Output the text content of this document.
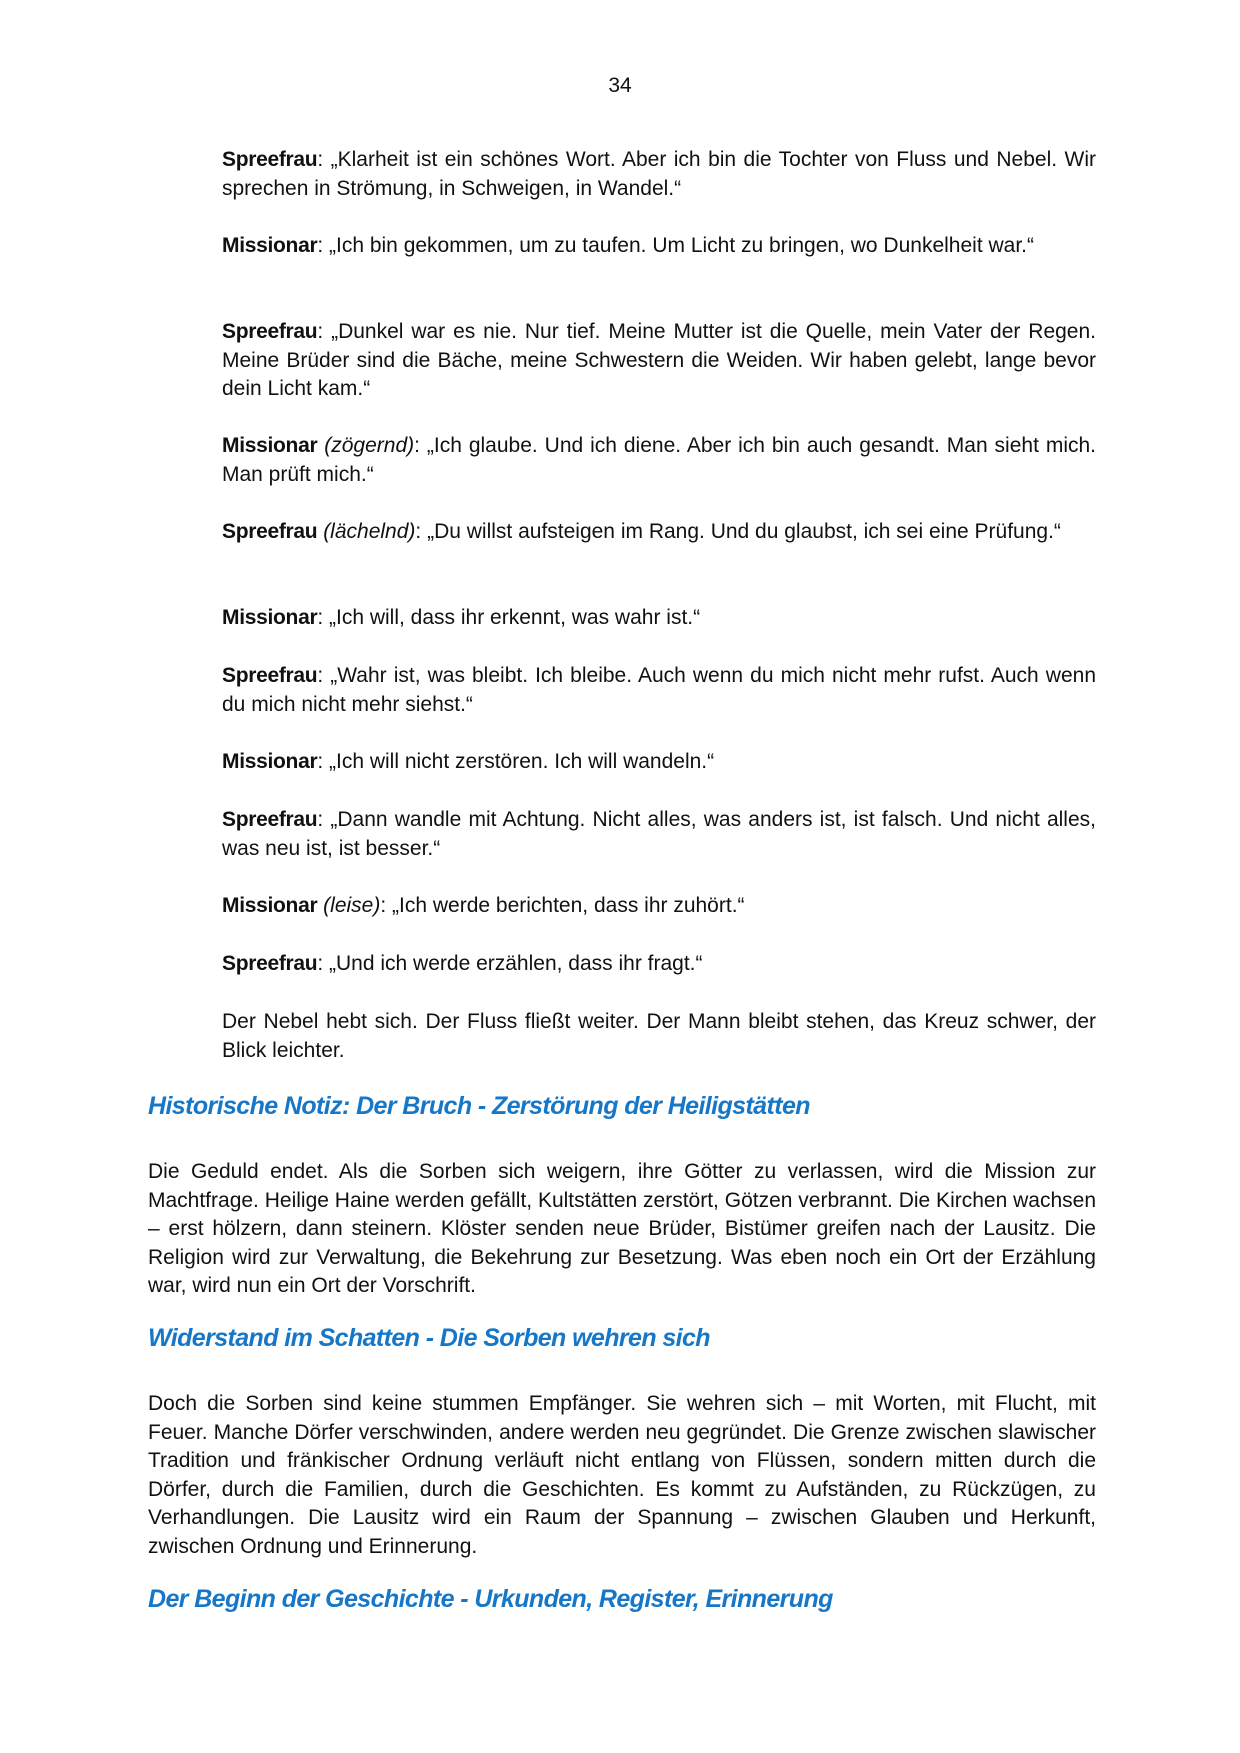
34

Spreefrau: „Klarheit ist ein schönes Wort. Aber ich bin die Tochter von Fluss und Nebel. Wir sprechen in Strömung, in Schweigen, in Wandel.“

Missionar: „Ich bin gekommen, um zu taufen. Um Licht zu bringen, wo Dunkelheit war.“

Spreefrau: „Dunkel war es nie. Nur tief. Meine Mutter ist die Quelle, mein Vater der Regen. Meine Brüder sind die Bäche, meine Schwestern die Weiden. Wir haben gelebt, lange bevor dein Licht kam.“

Missionar (zögernd): „Ich glaube. Und ich diene. Aber ich bin auch gesandt. Man sieht mich. Man prüft mich.“

Spreefrau (lächelnd): „Du willst aufsteigen im Rang. Und du glaubst, ich sei eine Prüfung.“

Missionar: „Ich will, dass ihr erkennt, was wahr ist.“

Spreefrau: „Wahr ist, was bleibt. Ich bleibe. Auch wenn du mich nicht mehr rufst. Auch wenn du mich nicht mehr siehst.“

Missionar: „Ich will nicht zerstören. Ich will wandeln.“

Spreefrau: „Dann wandle mit Achtung. Nicht alles, was anders ist, ist falsch. Und nicht alles, was neu ist, ist besser.“

Missionar (leise): „Ich werde berichten, dass ihr zuhört.“

Spreefrau: „Und ich werde erzählen, dass ihr fragt.“

Der Nebel hebt sich. Der Fluss fließt weiter. Der Mann bleibt stehen, das Kreuz schwer, der Blick leichter.

Historische Notiz: Der Bruch - Zerstörung der Heiligstätten

Die Geduld endet. Als die Sorben sich weigern, ihre Götter zu verlassen, wird die Mission zur Machtfrage. Heilige Haine werden gefällt, Kultstätten zerstört, Götzen verbrannt. Die Kirchen wachsen – erst hölzern, dann steinern. Klöster senden neue Brüder, Bistümer greifen nach der Lausitz. Die Religion wird zur Verwaltung, die Bekehrung zur Besetzung. Was eben noch ein Ort der Erzählung war, wird nun ein Ort der Vorschrift.

Widerstand im Schatten - Die Sorben wehren sich

Doch die Sorben sind keine stummen Empfänger. Sie wehren sich – mit Worten, mit Flucht, mit Feuer. Manche Dörfer verschwinden, andere werden neu gegründet. Die Grenze zwischen slawischer Tradition und fränkischer Ordnung verläuft nicht entlang von Flüssen, sondern mitten durch die Dörfer, durch die Familien, durch die Geschichten. Es kommt zu Aufständen, zu Rückzügen, zu Verhandlungen. Die Lausitz wird ein Raum der Spannung – zwischen Glauben und Herkunft, zwischen Ordnung und Erinnerung.

Der Beginn der Geschichte - Urkunden, Register, Erinnerung
